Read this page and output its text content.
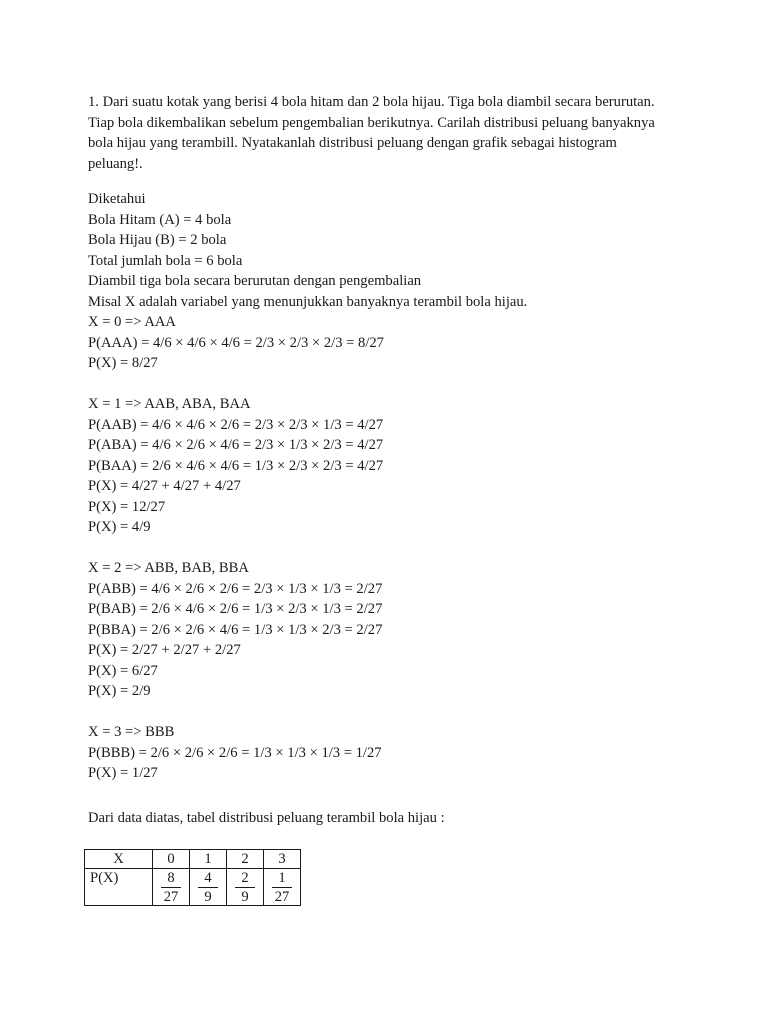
1. Dari suatu kotak yang berisi 4 bola hitam dan 2 bola hijau. Tiga bola diambil secara berurutan.

Tiap bola dikembalikan sebelum pengembalian berikutnya. Carilah distribusi peluang banyaknya

bola hijau yang terambill. Nyatakanlah distribusi peluang dengan grafik sebagai histogram

peluang!.

Diketahui
Bola Hitam (A) = 4 bola
Bola Hijau (B) = 2 bola
Total jumlah bola = 6 bola
Diambil tiga bola secara berurutan dengan pengembalian
Misal X adalah variabel yang menunjukkan banyaknya terambil bola hijau.
X = 0 => AAA
P(AAA) = 4/6 × 4/6 × 4/6 = 2/3 × 2/3 × 2/3 = 8/27
P(X) = 8/27
X = 1 => AAB, ABA, BAA
P(AAB) = 4/6 × 4/6 × 2/6 = 2/3 × 2/3 × 1/3 = 4/27
P(ABA) = 4/6 × 2/6 × 4/6 = 2/3 × 1/3 × 2/3 = 4/27
P(BAA) = 2/6 × 4/6 × 4/6 = 1/3 × 2/3 × 2/3 = 4/27
P(X) = 4/27 + 4/27 + 4/27
P(X) = 12/27
P(X) = 4/9
X = 2 => ABB, BAB, BBA
P(ABB) = 4/6 × 2/6 × 2/6 = 2/3 × 1/3 × 1/3 = 2/27
P(BAB) = 2/6 × 4/6 × 2/6 = 1/3 × 2/3 × 1/3 = 2/27
P(BBA) = 2/6 × 2/6 × 4/6 = 1/3 × 1/3 × 2/3 = 2/27
P(X) = 2/27 + 2/27 + 2/27
P(X) = 6/27
P(X) = 2/9
X = 3 => BBB
P(BBB) = 2/6 × 2/6 × 2/6 = 1/3 × 1/3 × 1/3 = 1/27
P(X) = 1/27
Dari data diatas, tabel distribusi peluang terambil bola hijau :
X	0	1	2	3
P(X)	$\frac{8}{27}$	$\frac{4}{9}$	$\frac{2}{9}$	$\frac{1}{27}$
